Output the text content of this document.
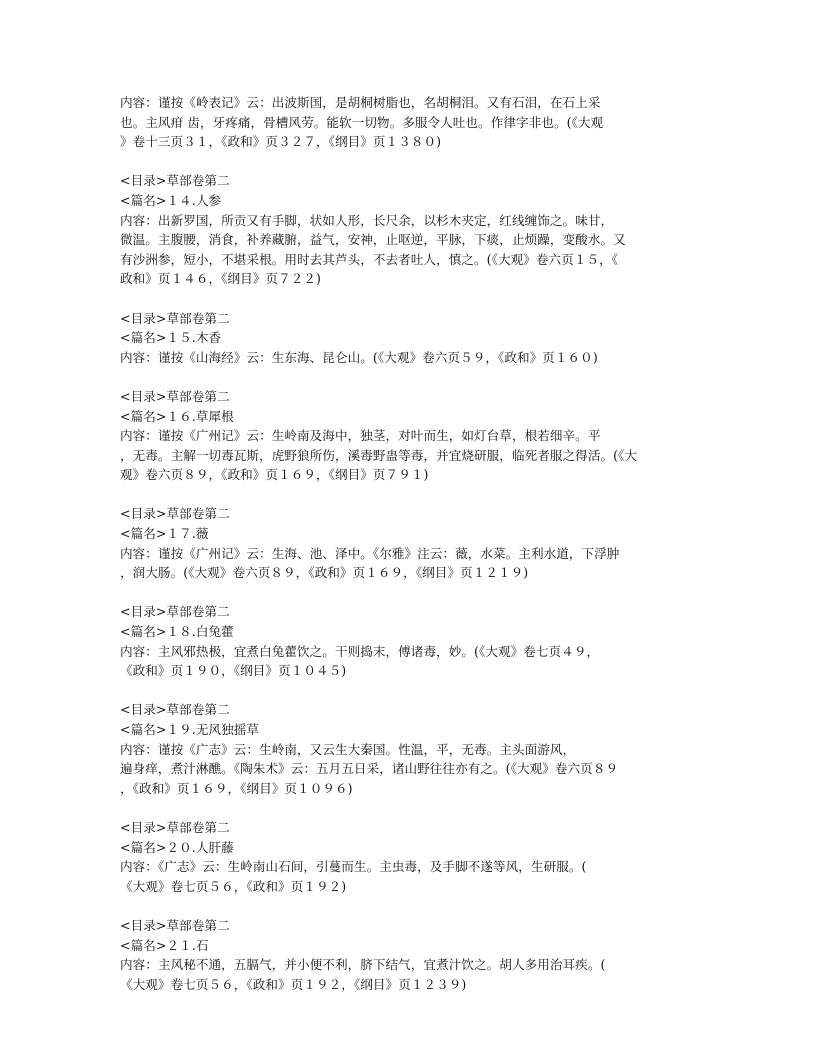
内容：谨按《岭表记》云：出波斯国，是胡桐树脂也，名胡桐泪。又有石泪，在石上采
也。主风疳 齿，牙疼痛，骨槽风劳。能软一切物。多服令人吐也。作律字非也。(《大观
》卷十三页３１，《政和》页３２７，《纲目》页１３８０)
<目录>草部卷第二
<篇名>１４.人参
内容：出新罗国，所贡又有手脚，状如人形，长尺余，以杉木夹定，红线缠饰之。味甘，
微温。主腹腰，消食，补养藏腑，益气，安神，止呕逆，平脉，下痰，止烦躁，变酸水。又
有沙洲参，短小，不堪采根。用时去其芦头，不去者吐人，慎之。(《大观》卷六页１５，《
政和》页１４６，《纲目》页７２２)
<目录>草部卷第二
<篇名>１５.木香
内容：谨按《山海经》云：生东海、昆仑山。(《大观》卷六页５９，《政和》页１６０)
<目录>草部卷第二
<篇名>１６.草犀根
内容：谨按《广州记》云：生岭南及海中，独茎，对叶而生，如灯台草，根若细辛。平
，无毒。主解一切毒瓦斯，虎野狼所伤，溪毒野蛊等毒，并宜烧研服，临死者服之得活。(《大
观》卷六页８９，《政和》页１６９，《纲目》页７９１)
<目录>草部卷第二
<篇名>１７.薇
内容：谨按《广州记》云：生海、池、泽中。《尔雅》注云：薇，水菜。主利水道，下浮肿
，润大肠。(《大观》卷六页８９，《政和》页１６９，《纲目》页１２１９)
<目录>草部卷第二
<篇名>１８.白兔藿
内容：主风邪热极，宜煮白兔藿饮之。干则捣末，傅诸毒，妙。(《大观》卷七页４９，
《政和》页１９０，《纲目》页１０４５)
<目录>草部卷第二
<篇名>１９.无风独摇草
内容：谨按《广志》云：生岭南，又云生大秦国。性温，平，无毒。主头面游风，
遍身痒，煮汁淋醮。《陶朱术》云：五月五日采，诸山野往往亦有之。(《大观》卷六页８９
，《政和》页１６９，《纲目》页１０９６)
<目录>草部卷第二
<篇名>２０.人肝藤
内容：《广志》云：生岭南山石间，引蔓而生。主虫毒，及手脚不遂等风，生研服。(
《大观》卷七页５６，《政和》页１９２)
<目录>草部卷第二
<篇名>２１.石
内容：主风秘不通，五膈气，并小便不利，脐下结气，宜煮汁饮之。胡人多用治耳疾。(
《大观》卷七页５６，《政和》页１９２，《纲目》页１２３９)
